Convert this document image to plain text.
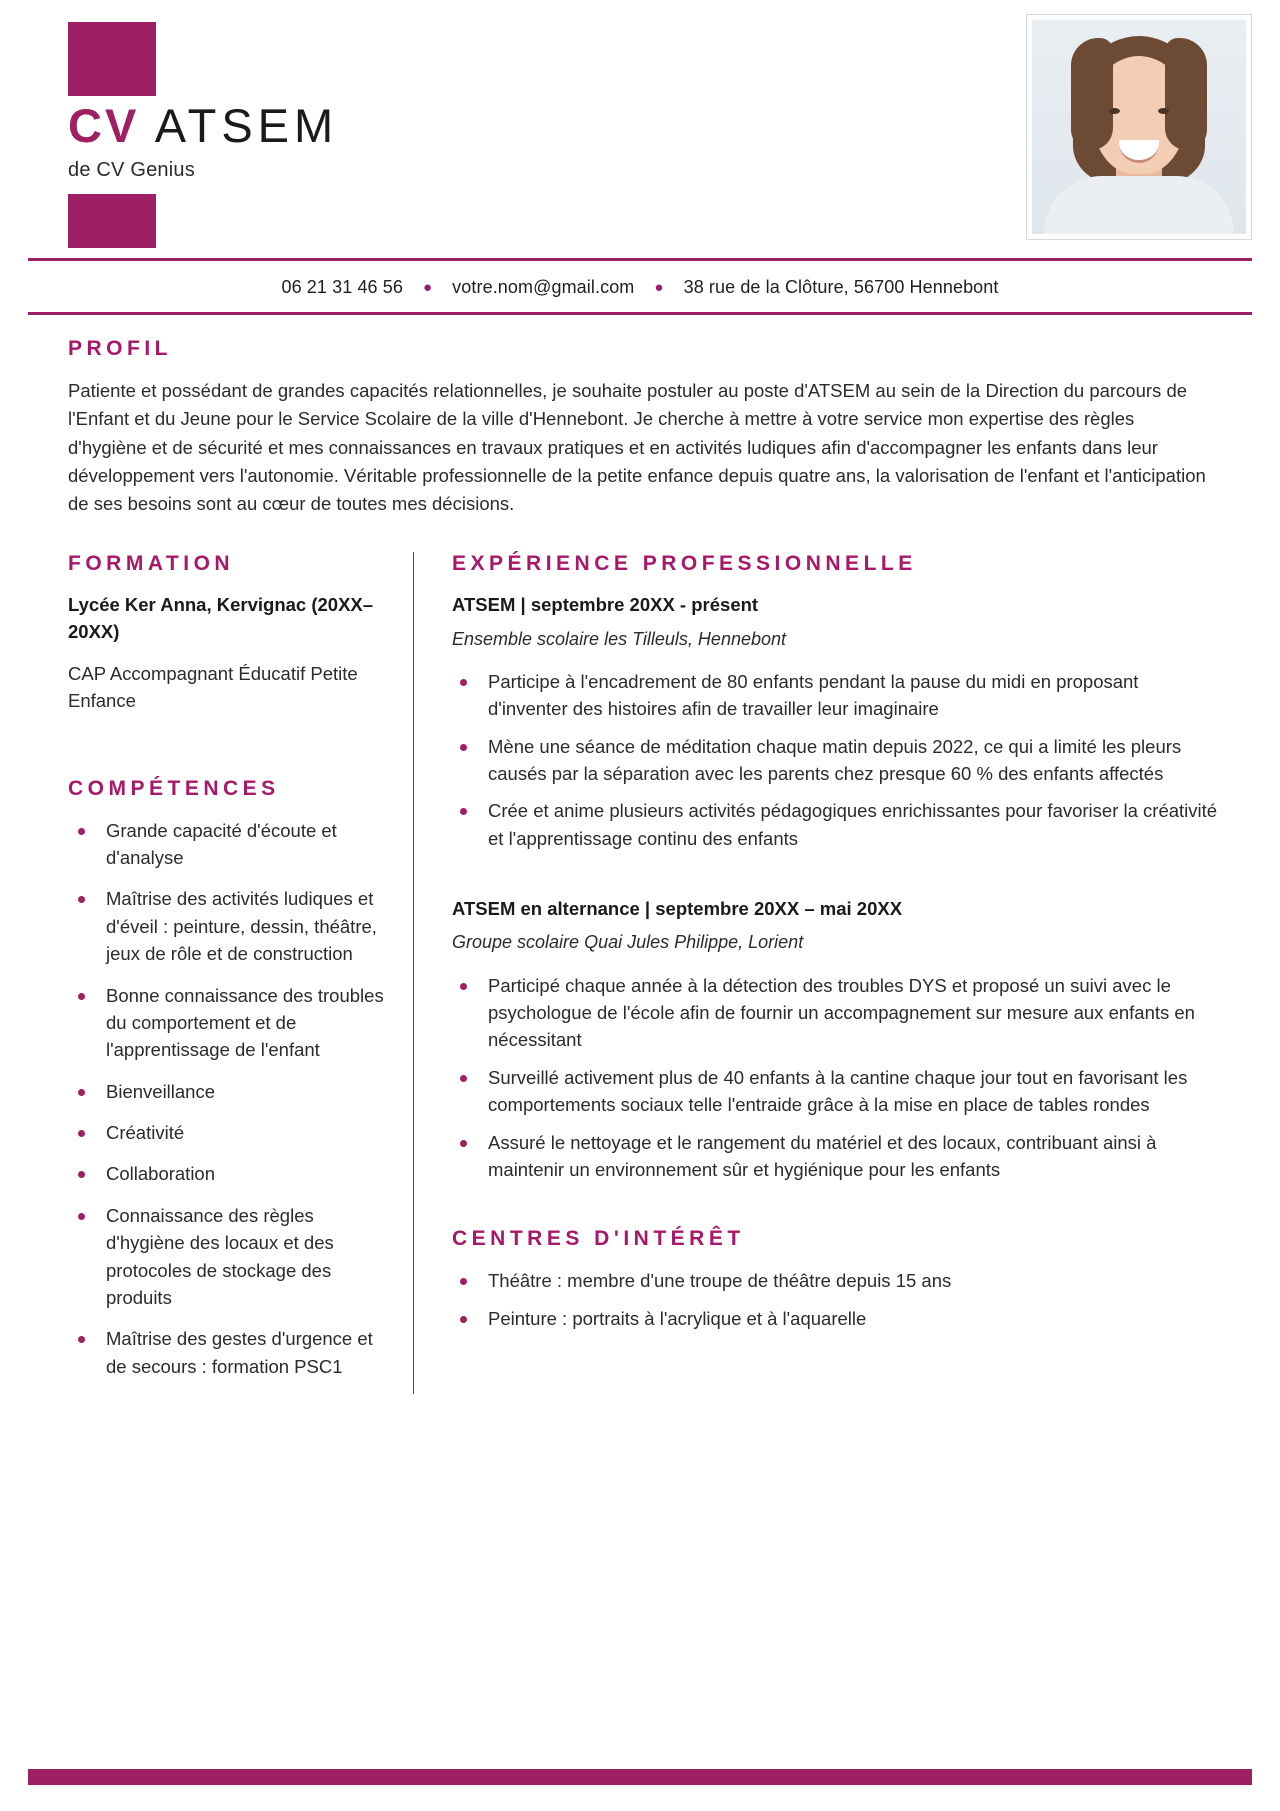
CV ATSEM
de CV Genius
06 21 31 46 56 ● votre.nom@gmail.com ● 38 rue de la Clôture, 56700 Hennebont
PROFIL

Patiente et possédant de grandes capacités relationnelles, je souhaite postuler au poste d'ATSEM au sein de la Direction du parcours de l'Enfant et du Jeune pour le Service Scolaire de la ville d'Hennebont. Je cherche à mettre à votre service mon expertise des règles d'hygiène et de sécurité et mes connaissances en travaux pratiques et en activités ludiques afin d'accompagner les enfants dans leur développement vers l'autonomie. Véritable professionnelle de la petite enfance depuis quatre ans, la valorisation de l'enfant et l'anticipation de ses besoins sont au cœur de toutes mes décisions.

FORMATION

Lycée Ker Anna, Kervignac (20XX–20XX)

CAP Accompagnant Éducatif Petite Enfance

COMPÉTENCES
Grande capacité d'écoute et d'analyse
Maîtrise des activités ludiques et d'éveil : peinture, dessin, théâtre, jeux de rôle et de construction
Bonne connaissance des troubles du comportement et de l'apprentissage de l'enfant
Bienveillance
Créativité
Collaboration
Connaissance des règles d'hygiène des locaux et des protocoles de stockage des produits
Maîtrise des gestes d'urgence et de secours : formation PSC1
EXPÉRIENCE PROFESSIONNELLE

ATSEM | septembre 20XX - présent

Ensemble scolaire les Tilleuls, Hennebont

Participe à l'encadrement de 80 enfants pendant la pause du midi en proposant d'inventer des histoires afin de travailler leur imaginaire
Mène une séance de méditation chaque matin depuis 2022, ce qui a limité les pleurs causés par la séparation avec les parents chez presque 60 % des enfants affectés
Crée et anime plusieurs activités pédagogiques enrichissantes pour favoriser la créativité et l'apprentissage continu des enfants

ATSEM en alternance | septembre 20XX – mai 20XX

Groupe scolaire Quai Jules Philippe, Lorient

Participé chaque année à la détection des troubles DYS et proposé un suivi avec le psychologue de l'école afin de fournir un accompagnement sur mesure aux enfants en nécessitant
Surveillé activement plus de 40 enfants à la cantine chaque jour tout en favorisant les comportements sociaux telle l'entraide grâce à la mise en place de tables rondes
Assuré le nettoyage et le rangement du matériel et des locaux, contribuant ainsi à maintenir un environnement sûr et hygiénique pour les enfants
CENTRES D'INTÉRÊT
Théâtre : membre d'une troupe de théâtre depuis 15 ans
Peinture : portraits à l'acrylique et à l'aquarelle
